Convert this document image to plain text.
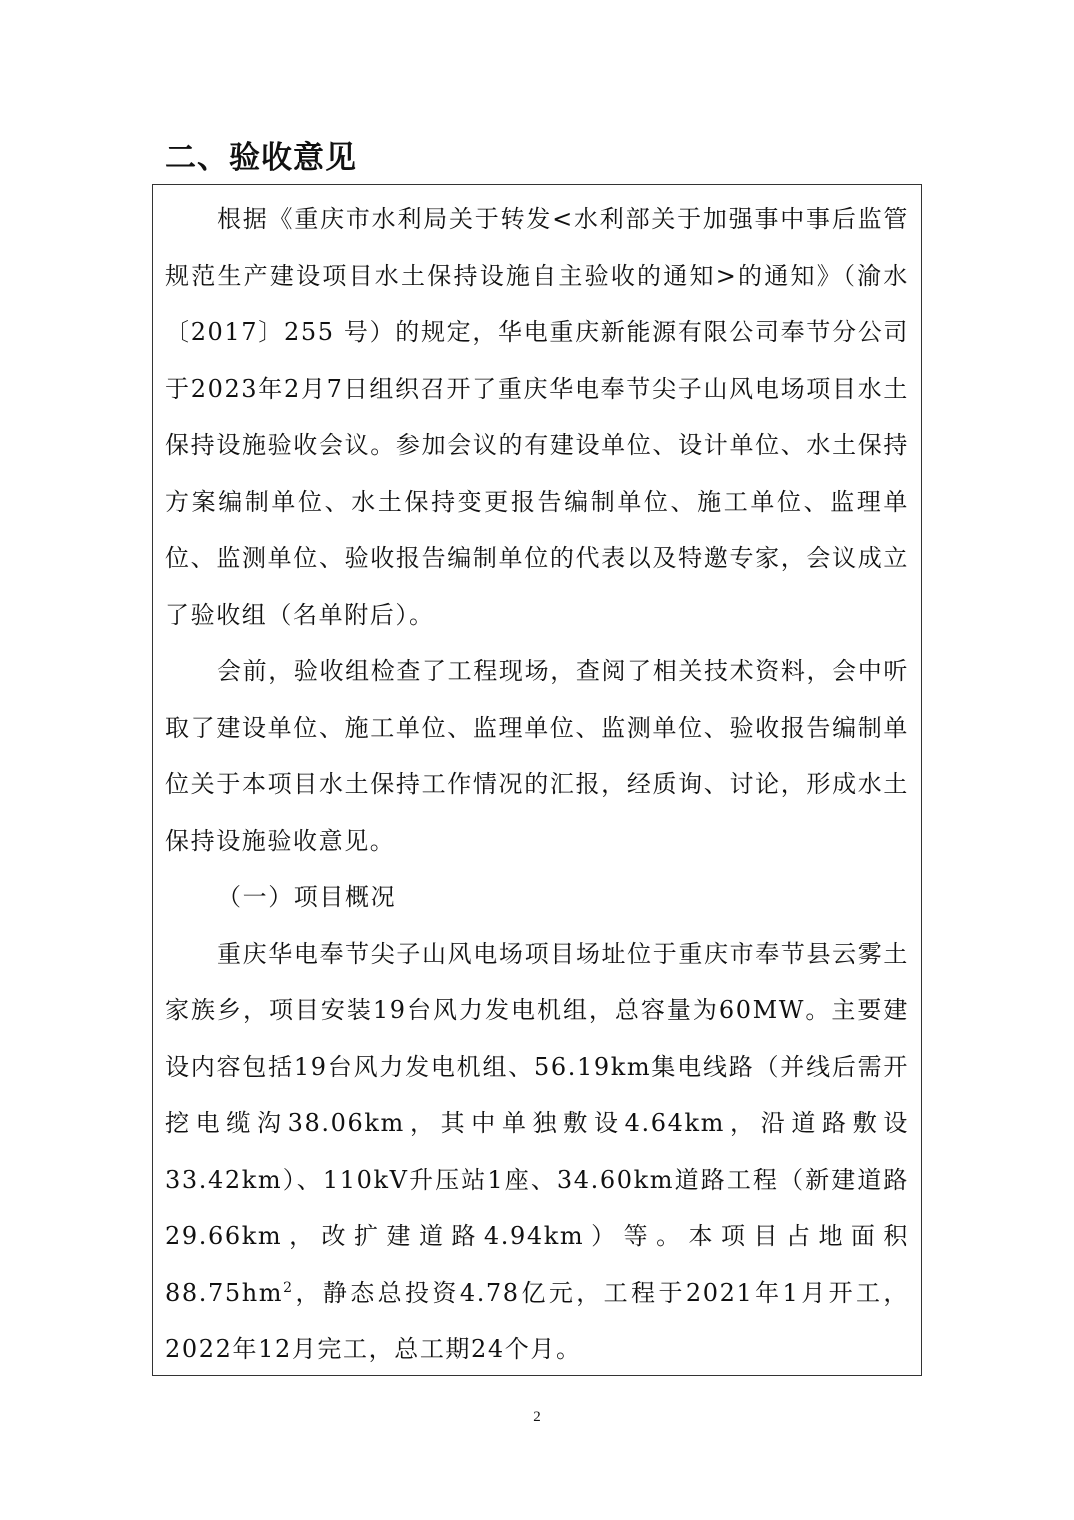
二、验收意见

根据《重庆市水利局关于转发<水利部关于加强事中事后监管规范生产建设项目水土保持设施自主验收的通知>的通知》（渝水〔2017〕255 号）的规定，华电重庆新能源有限公司奉节分公司于2023年2月7日组织召开了重庆华电奉节尖子山风电场项目水土保持设施验收会议。参加会议的有建设单位、设计单位、水土保持方案编制单位、水土保持变更报告编制单位、施工单位、监理单位、监测单位、验收报告编制单位的代表以及特邀专家，会议成立了验收组（名单附后）。

会前，验收组检查了工程现场，查阅了相关技术资料，会中听取了建设单位、施工单位、监理单位、监测单位、验收报告编制单位关于本项目水土保持工作情况的汇报，经质询、讨论，形成水土保持设施验收意见。

（一）项目概况

重庆华电奉节尖子山风电场项目场址位于重庆市奉节县云雾土家族乡，项目安装19台风力发电机组，总容量为60MW。主要建设内容包括19台风力发电机组、56.19km集电线路（并线后需开挖电缆沟38.06km，其中单独敷设4.64km，沿道路敷设33.42km）、110kV升压站1座、34.60km道路工程（新建道路29.66km，改扩建道路4.94km）等。本项目占地面积$88.75hm^2$，静态总投资4.78亿元，工程于2021年1月开工，2022年12月完工，总工期24个月。

2
